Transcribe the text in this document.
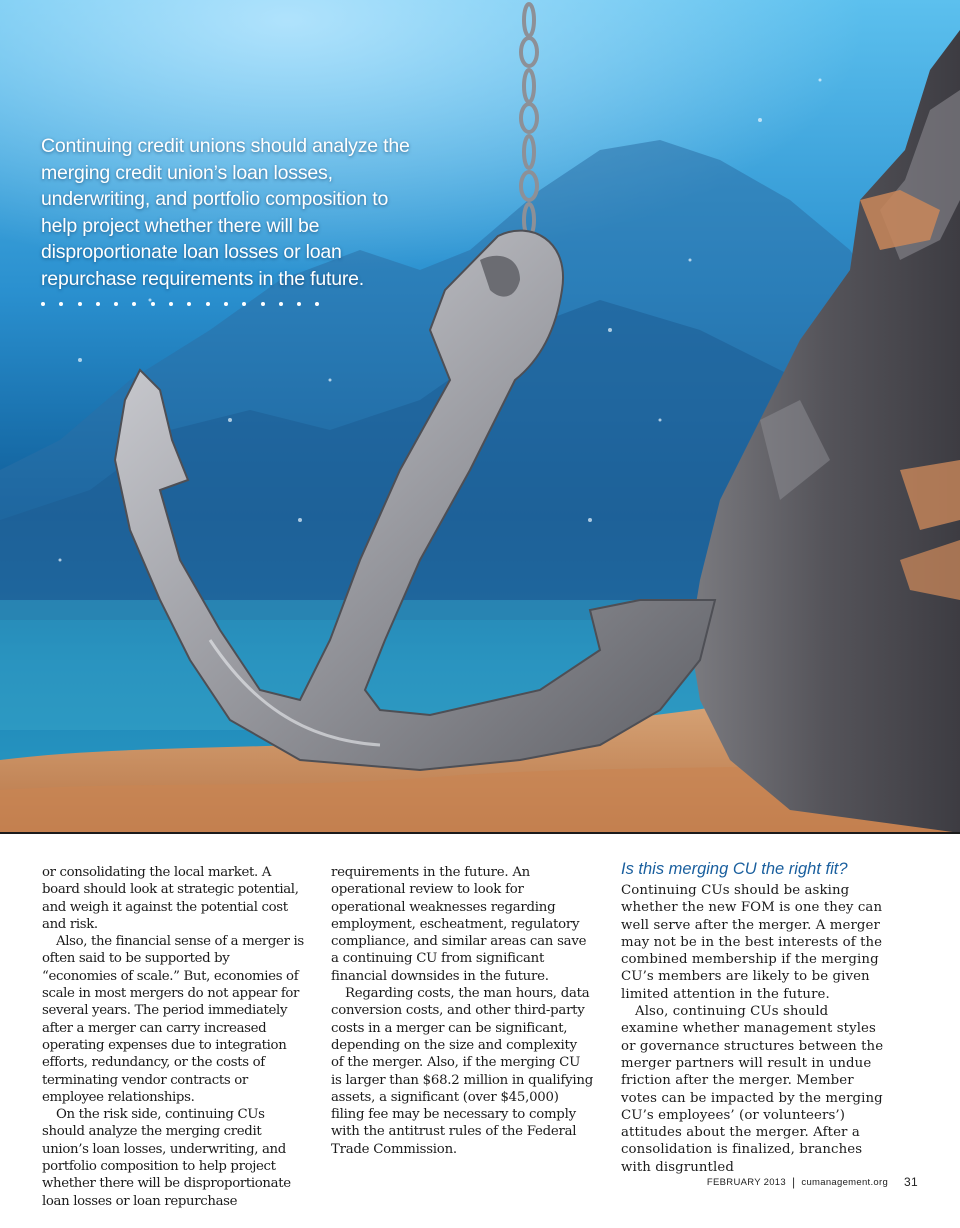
Continuing credit unions should analyze the merging credit union’s loan losses, underwriting, and portfolio composition to help project whether there will be disproportionate loan losses or loan repurchase requirements in the future.

or consolidating the local market. A board should look at strategic potential, and weigh it against the potential cost and risk.

Also, the financial sense of a merger is often said to be supported by “economies of scale.” But, economies of scale in most mergers do not appear for several years. The period immediately after a merger can carry increased operating expenses due to integration efforts, redundancy, or the costs of terminating vendor contracts or employee relationships.

On the risk side, continuing CUs should analyze the merging credit union’s loan losses, underwriting, and portfolio composition to help project whether there will be disproportionate loan losses or loan repurchase

requirements in the future. An operational review to look for operational weaknesses regarding employment, escheatment, regulatory compliance, and similar areas can save a continuing CU from significant financial downsides in the future.

Regarding costs, the man hours, data conversion costs, and other third-party costs in a merger can be significant, depending on the size and complexity of the merger. Also, if the merging CU is larger than $68.2 million in qualifying assets, a significant (over $45,000) filing fee may be necessary to comply with the antitrust rules of the Federal Trade Commission.

Is this merging CU the right fit?

Continuing CUs should be asking whether the new FOM is one they can well serve after the merger. A merger may not be in the best interests of the combined membership if the merging CU’s members are likely to be given limited attention in the future.

Also, continuing CUs should examine whether management styles or governance structures between the merger partners will result in undue friction after the merger. Member votes can be impacted by the merging CU’s employees’ (or volunteers’) attitudes about the merger. After a consolidation is finalized, branches with disgruntled

FEBRUARY 2013 | cumanagement.org 31
